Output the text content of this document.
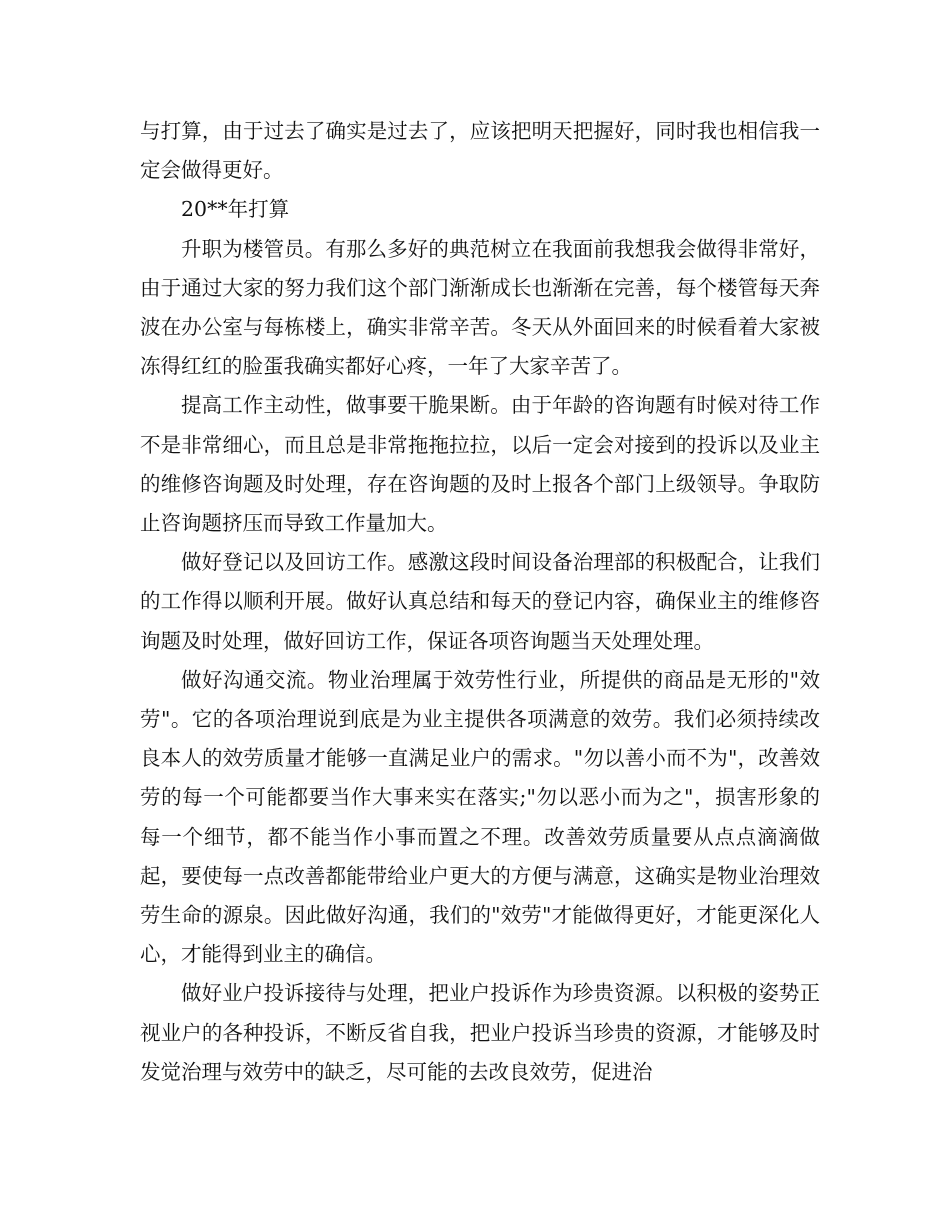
与打算，由于过去了确实是过去了，应该把明天把握好，同时我也相信我一定会做得更好。

20**年打算

升职为楼管员。有那么多好的典范树立在我面前我想我会做得非常好，由于通过大家的努力我们这个部门渐渐成长也渐渐在完善，每个楼管每天奔波在办公室与每栋楼上，确实非常辛苦。冬天从外面回来的时候看着大家被冻得红红的脸蛋我确实都好心疼，一年了大家辛苦了。

提高工作主动性，做事要干脆果断。由于年龄的咨询题有时候对待工作不是非常细心，而且总是非常拖拖拉拉，以后一定会对接到的投诉以及业主的维修咨询题及时处理，存在咨询题的及时上报各个部门上级领导。争取防止咨询题挤压而导致工作量加大。

做好登记以及回访工作。感激这段时间设备治理部的积极配合，让我们的工作得以顺利开展。做好认真总结和每天的登记内容，确保业主的维修咨询题及时处理，做好回访工作，保证各项咨询题当天处理处理。

做好沟通交流。物业治理属于效劳性行业，所提供的商品是无形的"效劳"。它的各项治理说到底是为业主提供各项满意的效劳。我们必须持续改良本人的效劳质量才能够一直满足业户的需求。"勿以善小而不为"，改善效劳的每一个可能都要当作大事来实在落实;"勿以恶小而为之"，损害形象的每一个细节，都不能当作小事而置之不理。改善效劳质量要从点点滴滴做起，要使每一点改善都能带给业户更大的方便与满意，这确实是物业治理效劳生命的源泉。因此做好沟通，我们的"效劳"才能做得更好，才能更深化人心，才能得到业主的确信。

做好业户投诉接待与处理，把业户投诉作为珍贵资源。以积极的姿势正视业户的各种投诉，不断反省自我，把业户投诉当珍贵的资源，才能够及时发觉治理与效劳中的缺乏，尽可能的去改良效劳，促进治
